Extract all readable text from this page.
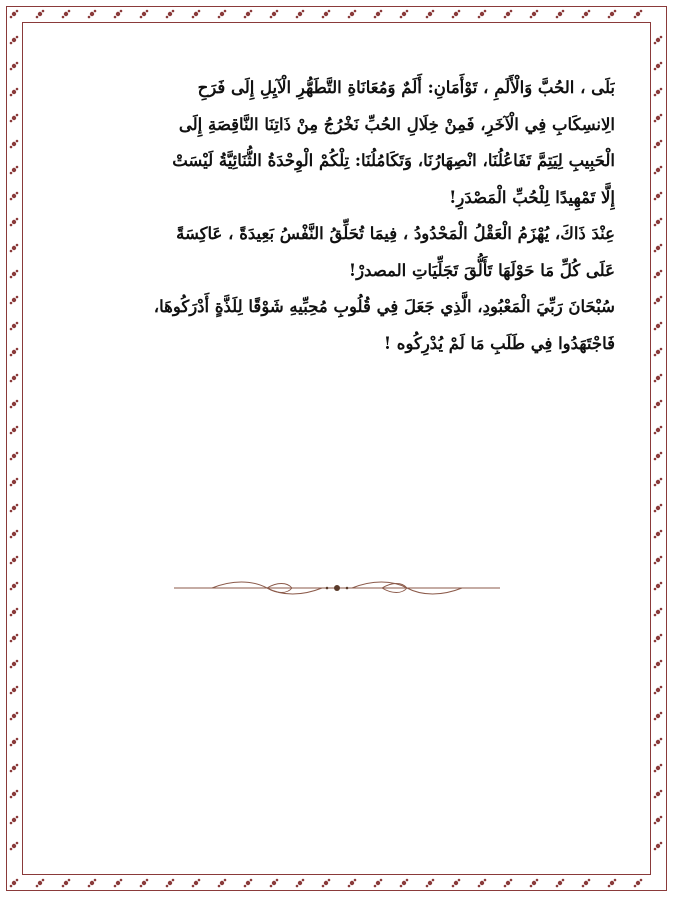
بَلَى ، الحُبَّ وَالْأَلَمِ ، تَوْأَمَانِ: أَلَمٌ وَمُعَانَاةِ التَّطَهُّرِ الْآيِلِ إِلَى فَرَحِ
الِانسِكَابِ فِي الْآخَرِ، فَمِنْ خِلَالِ الحُبِّ نَخْرُجُ مِنْ ذَاتِنَا النَّاقِصَةِ إِلَى
الْحَبِيبِ لِيَتِمَّ تَفَاعُلُنَا، انْصِهَارُنَا، وَتَكَامُلُنَا: تِلْكُمْ الْوِحْدَةُ الثُّنَائِيَّةُ لَيْسَتْ
إِلَّا تَمْهِيدًا لِلْحُبِّ الْمَصْدَرِ!
عِنْدَ ذَاكَ، يُهْزَمُ الْعَقْلُ الْمَحْدُودُ ، فِيمَا تُحَلِّقُ النَّفْسُ بَعِيدَةً ، عَاكِسَةً
عَلَى كُلِّ مَا حَوْلَهَا تَأَلُّقَ تَجَلِّيَاتِ المصدرْ!
سُبْحَانَ رَبِّيَ الْمَعْبُودِ، الَّذِي جَعَلَ فِي قُلُوبِ مُحِبِّيهِ شَوْقًا لِلَذَّةٍ أَدْرَكُوهَا،
فَاجْتَهَدُوا فِي طَلَبِ مَا لَمْ يُدْرِكُوه !
